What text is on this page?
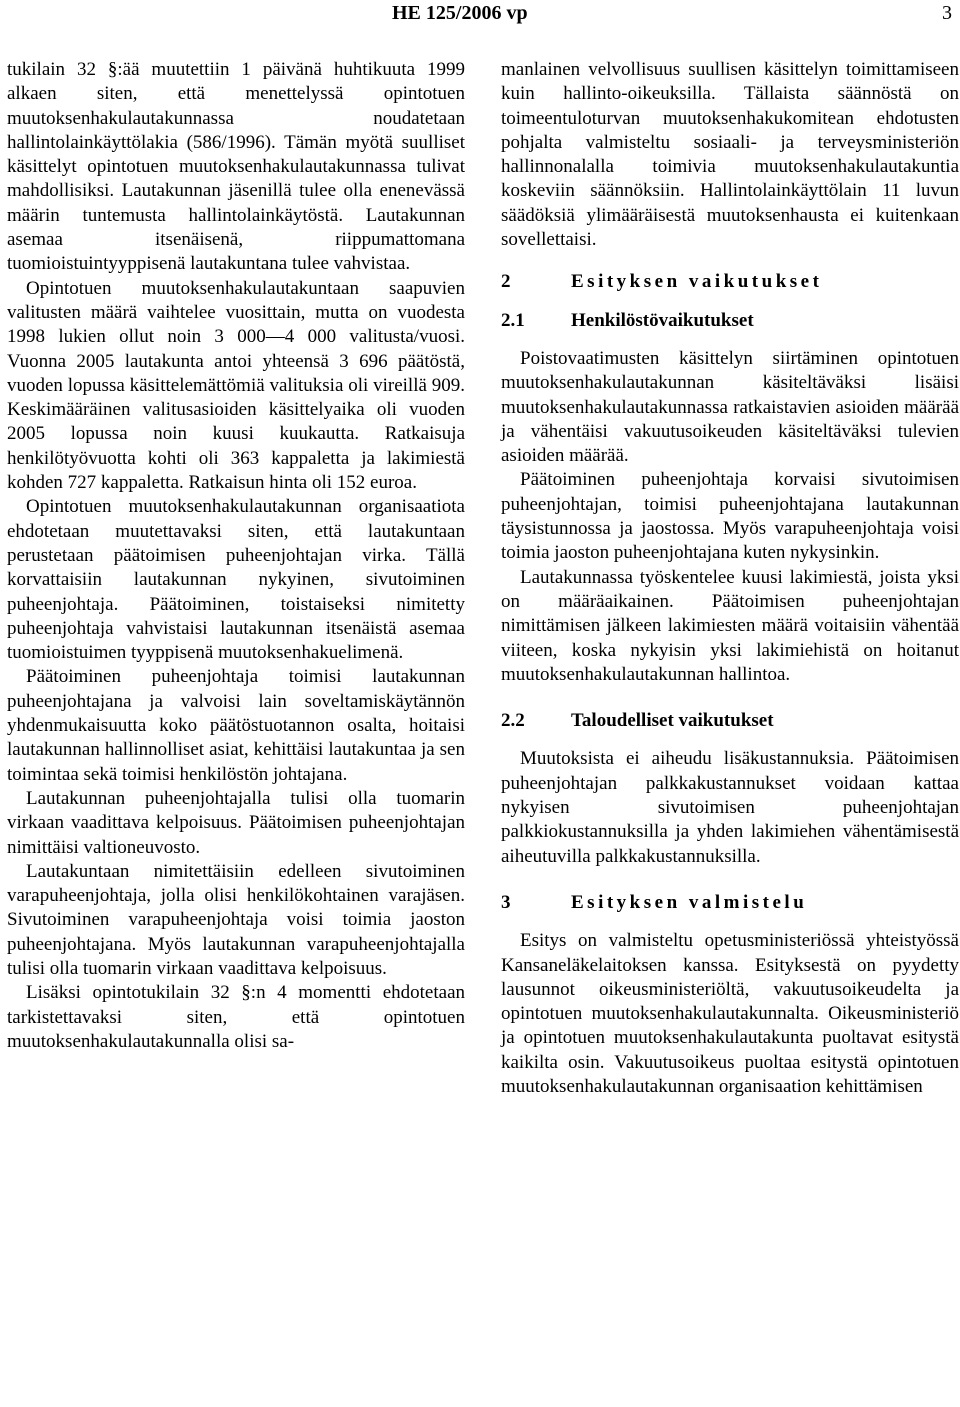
HE 125/2006 vp	3

tukilain 32 §:ää muutettiin 1 päivänä huhtikuuta 1999 alkaen siten, että menettelyssä opintotuen muutoksenhakulautakunnassa noudatetaan hallintolainkäyttölakia (586/1996). Tämän myötä suulliset käsittelyt opintotuen muutoksenhakulautakunnassa tulivat mahdollisiksi. Lautakunnan jäsenillä tulee olla enenevässä määrin tuntemusta hallintolainkäytöstä. Lautakunnan asemaa itsenäisenä, riippumattomana tuomioistuintyyppisenä lautakuntana tulee vahvistaa.

Opintotuen muutoksenhakulautakuntaan saapuvien valitusten määrä vaihtelee vuosittain, mutta on vuodesta 1998 lukien ollut noin 3 000—4 000 valitusta/vuosi. Vuonna 2005 lautakunta antoi yhteensä 3 696 päätöstä, vuoden lopussa käsittelemättömiä valituksia oli vireillä 909. Keskimääräinen valitusasioiden käsittelyaika oli vuoden 2005 lopussa noin kuusi kuukautta. Ratkaisuja henkilötyövuotta kohti oli 363 kappaletta ja lakimiestä kohden 727 kappaletta. Ratkaisun hinta oli 152 euroa.

Opintotuen muutoksenhakulautakunnan organisaatiota ehdotetaan muutettavaksi siten, että lautakuntaan perustetaan päätoimisen puheenjohtajan virka. Tällä korvattaisiin lautakunnan nykyinen, sivutoiminen puheenjohtaja. Päätoiminen, toistaiseksi nimitetty puheenjohtaja vahvistaisi lautakunnan itsenäistä asemaa tuomioistuimen tyyppisenä muutoksenhakuelimenä.

Päätoiminen puheenjohtaja toimisi lautakunnan puheenjohtajana ja valvoisi lain soveltamiskäytännön yhdenmukaisuutta koko päätöstuotannon osalta, hoitaisi lautakunnan hallinnolliset asiat, kehittäisi lautakuntaa ja sen toimintaa sekä toimisi henkilöstön johtajana.

Lautakunnan puheenjohtajalla tulisi olla tuomarin virkaan vaadittava kelpoisuus. Päätoimisen puheenjohtajan nimittäisi valtioneuvosto.

Lautakuntaan nimitettäisiin edelleen sivutoiminen varapuheenjohtaja, jolla olisi henkilökohtainen varajäsen. Sivutoiminen varapuheenjohtaja voisi toimia jaoston puheenjohtajana. Myös lautakunnan varapuheenjohtajalla tulisi olla tuomarin virkaan vaadittava kelpoisuus.

Lisäksi opintotukilain 32 §:n 4 momentti ehdotetaan tarkistettavaksi siten, että opintotuen muutoksenhakulautakunnalla olisi sa-

manlainen velvollisuus suullisen käsittelyn toimittamiseen kuin hallinto-oikeuksilla. Tällaista säännöstä on toimeentuloturvan muutoksenhakukomitean ehdotusten pohjalta valmisteltu sosiaali- ja terveysministeriön hallinnonalalla toimivia muutoksenhakulautakuntia koskeviin säännöksiin. Hallintolainkäyttölain 11 luvun säädöksiä ylimääräisestä muutoksenhausta ei kuitenkaan sovellettaisi.

2	Esityksen vaikutukset
2.1 Henkilöstövaikutukset

Poistovaatimusten käsittelyn siirtäminen opintotuen muutoksenhakulautakunnan käsiteltäväksi lisäisi muutoksenhakulautakunnassa ratkaistavien asioiden määrää ja vähentäisi vakuutusoikeuden käsiteltäväksi tulevien asioiden määrää.

Päätoiminen puheenjohtaja korvaisi sivutoimisen puheenjohtajan, toimisi puheenjohtajana lautakunnan täysistunnossa ja jaostossa. Myös varapuheenjohtaja voisi toimia jaoston puheenjohtajana kuten nykysinkin.

Lautakunnassa työskentelee kuusi lakimiestä, joista yksi on määräaikainen. Päätoimisen puheenjohtajan nimittämisen jälkeen lakimiesten määrä voitaisiin vähentää viiteen, koska nykyisin yksi lakimiehistä on hoitanut muutoksenhakulautakunnan hallintoa.

2.2 Taloudelliset vaikutukset

Muutoksista ei aiheudu lisäkustannuksia. Päätoimisen puheenjohtajan palkkakustannukset voidaan kattaa nykyisen sivutoimisen puheenjohtajan palkkiokustannuksilla ja yhden lakimiehen vähentämisestä aiheutuvilla palkkakustannuksilla.

3	Esityksen valmistelu

Esitys on valmisteltu opetusministeriössä yhteistyössä Kansaneläkelaitoksen kanssa. Esityksestä on pyydetty lausunnot oikeusministeriöltä, vakuutusoikeudelta ja opintotuen muutoksenhakulautakunnalta. Oikeusministeriö ja opintotuen muutoksenhakulautakunta puoltavat esitystä kaikilta osin. Vakuutusoikeus puoltaa esitystä opintotuen muutoksenhakulautakunnan organisaation kehittämisen
